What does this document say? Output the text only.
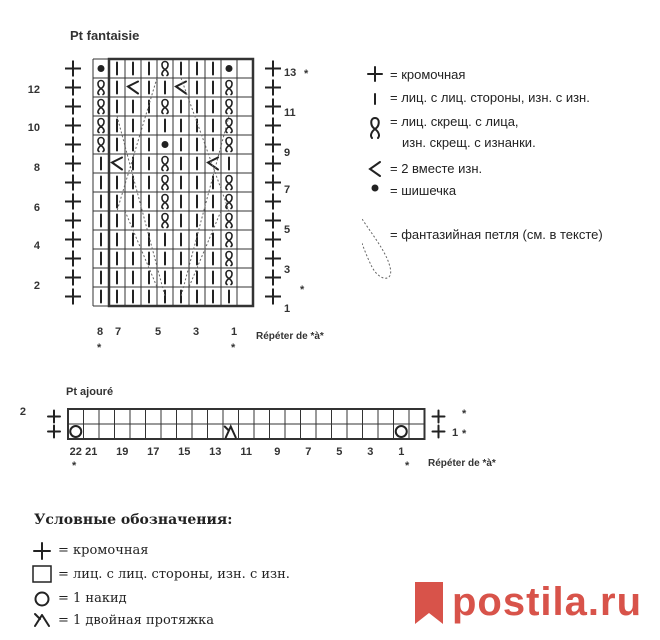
Pt fantaisie
12
10
8
6
4
2
13 *
11
9
7
5
3
*
1
8	7	5	3	1
*	*
Répéter de *à*
= кромочная
= лиц. с лиц. стороны, изн. с изн.
= лиц. скрещ. с лица,
изн. скрещ. с изнанки.
= 2 вместе изн.
= шишечка
= фантазийная петля (см. в тексте)
Pt ajouré
2	*
1 *
22 21 19 17 15 13 11	9	7	5	3	1
*	* Répéter de *à*
Условные обозначения:
= кромочная
= лиц. с лиц. стороны, изн. с изн.
= 1 накид
= 1 двойная протяжка	postila.ru
